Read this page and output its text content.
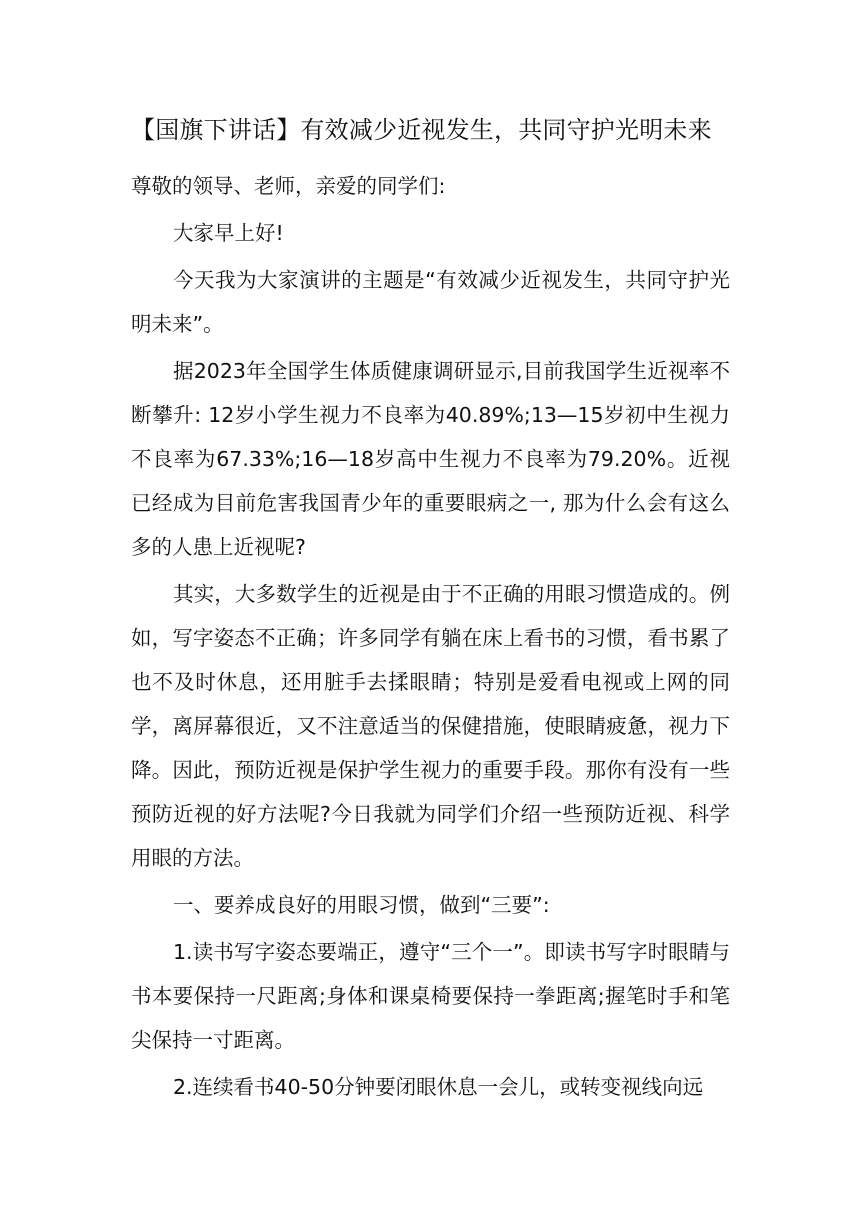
【国旗下讲话】有效减少近视发生，共同守护光明未来

尊敬的领导、老师，亲爱的同学们:

大家早上好!

今天我为大家演讲的主题是“有效减少近视发生，共同守护光明未来”。

据2023年全国学生体质健康调研显示,目前我国学生近视率不断攀升: 12岁小学生视力不良率为40.89%;13—15岁初中生视力不良率为67.33%;16—18岁高中生视力不良率为79.20%。近视已经成为目前危害我国青少年的重要眼病之一, 那为什么会有这么多的人患上近视呢?

其实，大多数学生的近视是由于不正确的用眼习惯造成的。例如，写字姿态不正确；许多同学有躺在床上看书的习惯，看书累了也不及时休息，还用脏手去揉眼睛；特别是爱看电视或上网的同学，离屏幕很近，又不注意适当的保健措施，使眼睛疲惫，视力下降。因此，预防近视是保护学生视力的重要手段。那你有没有一些预防近视的好方法呢?今日我就为同学们介绍一些预防近视、科学用眼的方法。

一、要养成良好的用眼习惯，做到“三要”:

1.读书写字姿态要端正，遵守“三个一”。即读书写字时眼睛与书本要保持一尺距离;身体和课桌椅要保持一拳距离;握笔时手和笔尖保持一寸距离。

2.连续看书40-50分钟要闭眼休息一会儿，或转变视线向远
